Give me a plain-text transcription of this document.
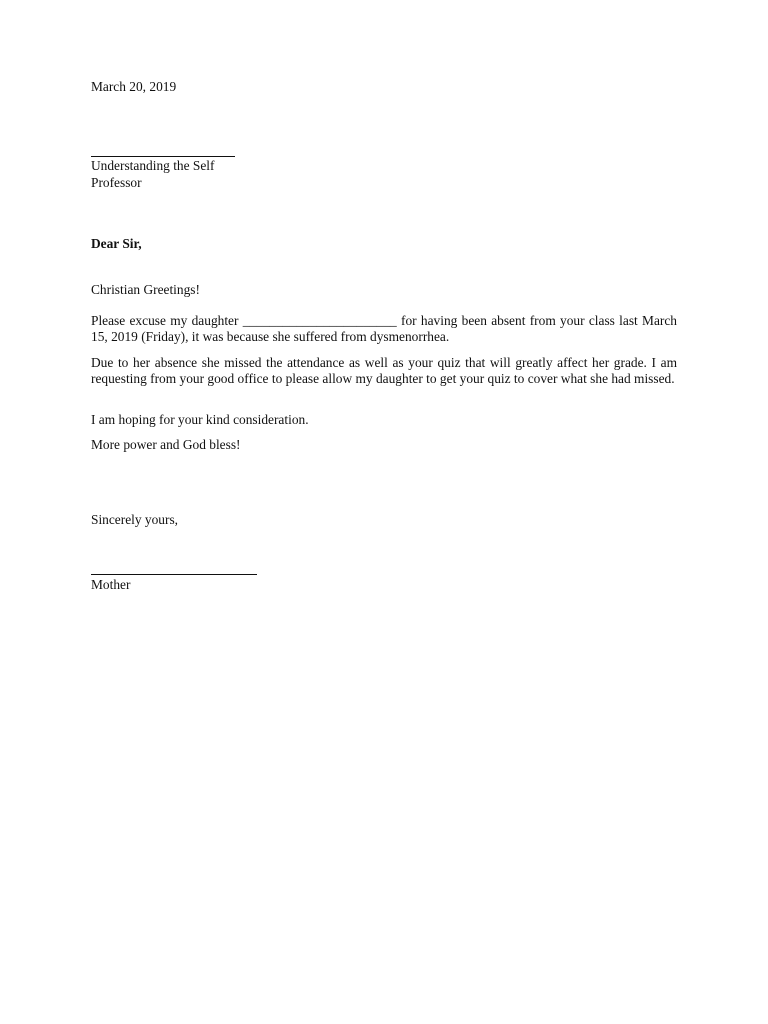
March 20, 2019
Understanding the Self
Professor
Dear Sir,
Christian Greetings!
Please excuse my daughter _______________________ for having been absent from your class last March 15, 2019 (Friday), it was because she suffered from dysmenorrhea.
Due to her absence she missed the attendance as well as your quiz that will greatly affect her grade. I am requesting from your good office to please allow my daughter to get your quiz to cover what she had missed.
I am hoping for your kind consideration.
More power and God bless!
Sincerely yours,
Mother
